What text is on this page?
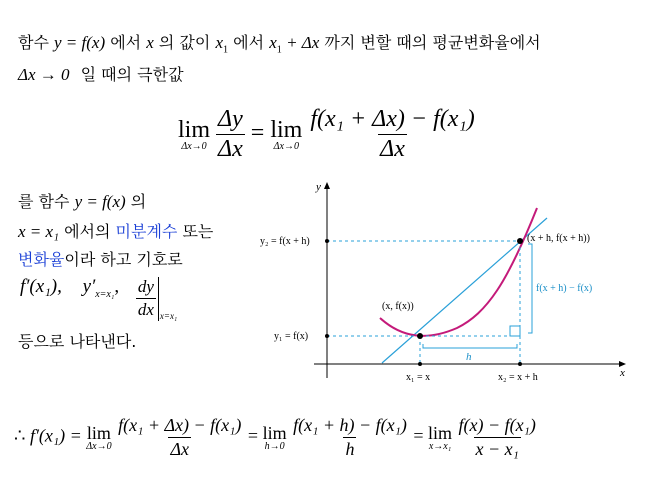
함수 y = f(x) 에서 x 의 값이 $x_1$ 에서 $x_1 + \Delta x$ 까지 변할 때의 평균변화율에서
Δx → 0 일 때의 극한값
lim
Δx→0
$\frac{\Delta y}{\Delta x} = \lim$
Δx→0
$\frac{\text{f(x₁ + Δx) − f(x₁)}}{\Delta x}$
를 함수 y = f(x) 의
x = x₁ 에서의 미분계수 또는
변화율이라 하고 기호로
f′(x₁), $y'_{x=x_1}$, $\frac{dy}{dx} x=x_1$
등으로 나타낸다.
y
x
y₂ = f(x + h)
y₁ = f(x)
(x + h, f(x + h))
(x, f(x))
f(x + h) − f(x)
h
x₁ = x	x₂ = x + h
∴ f′(x₁) = lim
Δx→0
$\frac{\text{f(x₁ + Δx) − f(x₁)}}{\Delta x} = \lim$
h→0
$\frac{\text{f(x₁ + h) − f(x₁)}}{h} = \lim$
x→x₁
$\frac{\text{f(x) − f(x₁)}}{\text{x − x₁}}$
